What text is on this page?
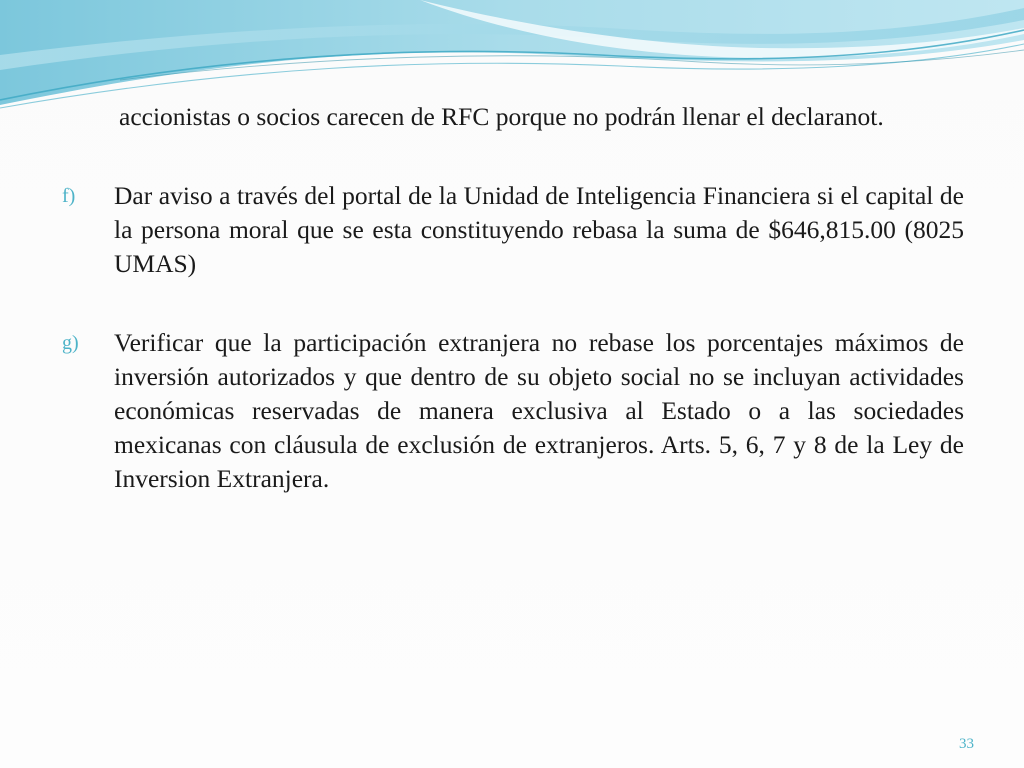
accionistas o socios carecen de RFC porque no podrán llenar el declaranot.
f)	Dar aviso a través del portal de la Unidad de Inteligencia Financiera si el capital de la persona moral que se esta constituyendo rebasa la suma de $646,815.00 (8025 UMAS)
g)	Verificar que la participación extranjera no rebase los porcentajes máximos de inversión autorizados y que dentro de su objeto social no se incluyan actividades económicas reservadas de manera exclusiva al Estado o a las sociedades mexicanas con cláusula de exclusión de extranjeros. Arts. 5, 6, 7 y 8 de la Ley de Inversion Extranjera.
33
